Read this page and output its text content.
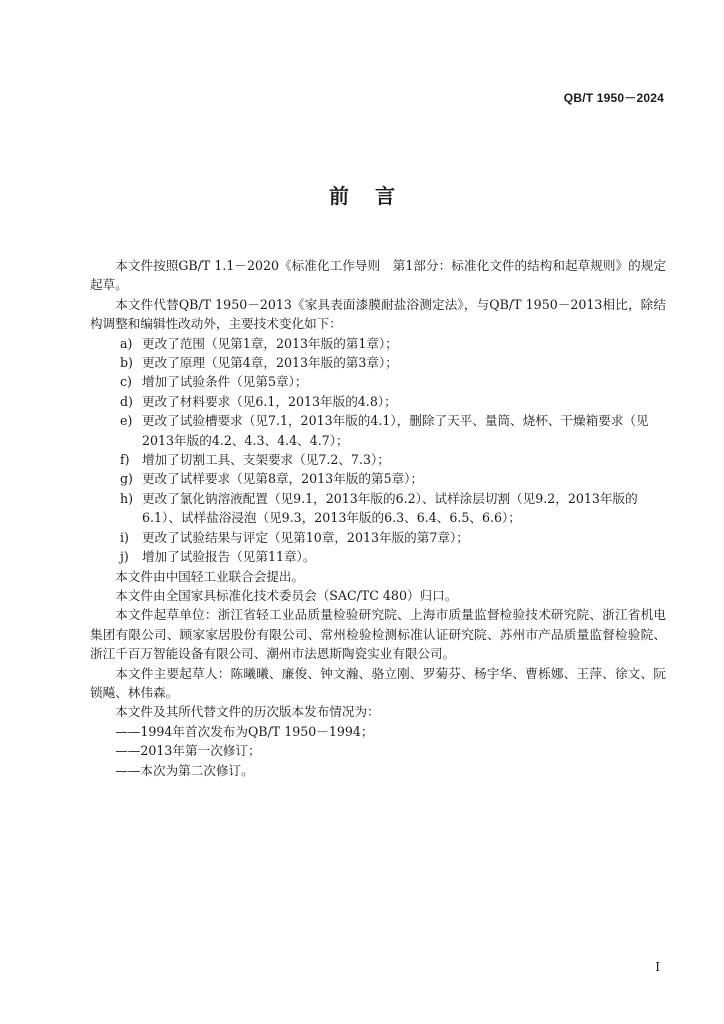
QB/T 1950－2024
前言

本文件按照GB/T 1.1－2020《标准化工作导则　第1部分：标准化文件的结构和起草规则》的规定起草。

本文件代替QB/T 1950－2013《家具表面漆膜耐盐浴测定法》，与QB/T 1950－2013相比，除结构调整和编辑性改动外，主要技术变化如下：

a) 更改了范围（见第1章，2013年版的第1章）；
b) 更改了原理（见第4章，2013年版的第3章）；
c) 增加了试验条件（见第5章）；
d) 更改了材料要求（见6.1，2013年版的4.8）；
e) 更改了试验槽要求（见7.1，2013年版的4.1），删除了天平、量筒、烧杯、干燥箱要求（见2013年版的4.2、4.3、4.4、4.7）；
f) 增加了切割工具、支架要求（见7.2、7.3）；
g) 更改了试样要求（见第8章，2013年版的第5章）；
h) 更改了氯化钠溶液配置（见9.1，2013年版的6.2）、试样涂层切割（见9.2，2013年版的6.1）、试样盐浴浸泡（见9.3，2013年版的6.3、6.4、6.5、6.6）；
i) 更改了试验结果与评定（见第10章，2013年版的第7章）；
j) 增加了试验报告（见第11章）。

本文件由中国轻工业联合会提出。

本文件由全国家具标准化技术委员会（SAC/TC 480）归口。

本文件起草单位：浙江省轻工业品质量检验研究院、上海市质量监督检验技术研究院、浙江省机电集团有限公司、顾家家居股份有限公司、常州检验检测标准认证研究院、苏州市产品质量监督检验院、浙江千百万智能设备有限公司、潮州市法恩斯陶瓷实业有限公司。

本文件主要起草人：陈曦曦、廉俊、钟文瀚、骆立刚、罗菊芬、杨宇华、曹栎娜、王萍、徐文、阮锁飚、林伟森。

本文件及其所代替文件的历次版本发布情况为：

——1994年首次发布为QB/T 1950－1994；

——2013年第一次修订；

——本次为第二次修订。

I
